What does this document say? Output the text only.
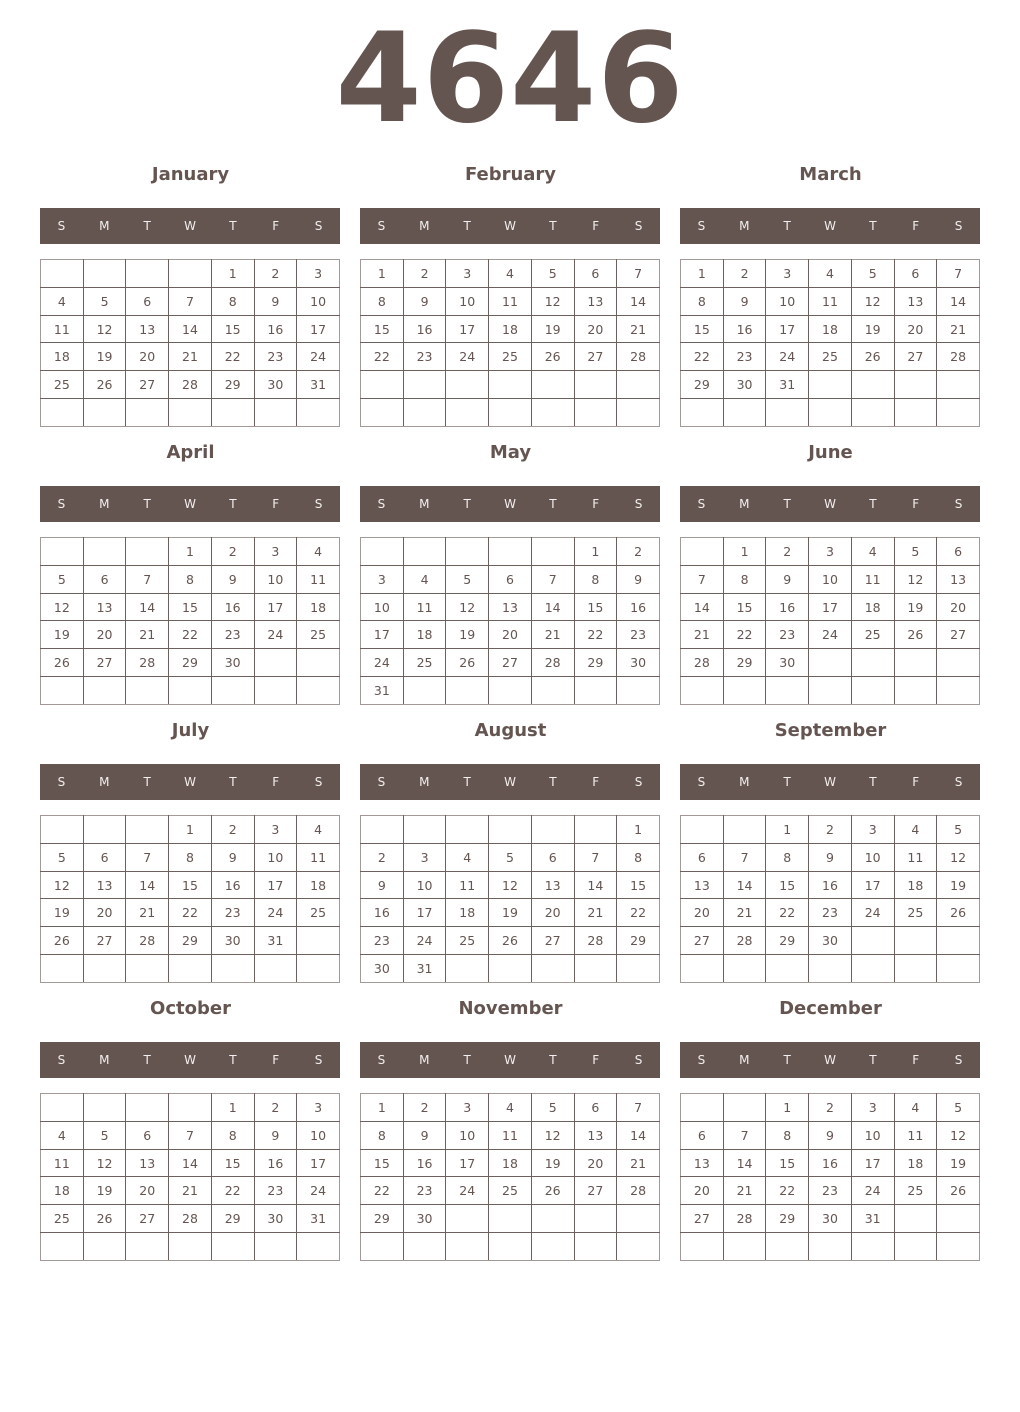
4646
January
S	M	T	W	T	F	S
				1	2	3
4	5	6	7	8	9	10
11	12	13	14	15	16	17
18	19	20	21	22	23	24
25	26	27	28	29	30	31

February
S	M	T	W	T	F	S
1	2	3	4	5	6	7
8	9	10	11	12	13	14
15	16	17	18	19	20	21
22	23	24	25	26	27	28

March
S	M	T	W	T	F	S
1	2	3	4	5	6	7
8	9	10	11	12	13	14
15	16	17	18	19	20	21
22	23	24	25	26	27	28
29	30	31				

April
S	M	T	W	T	F	S
			1	2	3	4
5	6	7	8	9	10	11
12	13	14	15	16	17	18
19	20	21	22	23	24	25
26	27	28	29	30		

May
S	M	T	W	T	F	S
					1	2
3	4	5	6	7	8	9
10	11	12	13	14	15	16
17	18	19	20	21	22	23
24	25	26	27	28	29	30
31						
June
S	M	T	W	T	F	S
	1	2	3	4	5	6
7	8	9	10	11	12	13
14	15	16	17	18	19	20
21	22	23	24	25	26	27
28	29	30				

July
S	M	T	W	T	F	S
			1	2	3	4
5	6	7	8	9	10	11
12	13	14	15	16	17	18
19	20	21	22	23	24	25
26	27	28	29	30	31	

August
S	M	T	W	T	F	S
						1
2	3	4	5	6	7	8
9	10	11	12	13	14	15
16	17	18	19	20	21	22
23	24	25	26	27	28	29
30	31					
September
S	M	T	W	T	F	S
		1	2	3	4	5
6	7	8	9	10	11	12
13	14	15	16	17	18	19
20	21	22	23	24	25	26
27	28	29	30			

October
S	M	T	W	T	F	S
				1	2	3
4	5	6	7	8	9	10
11	12	13	14	15	16	17
18	19	20	21	22	23	24
25	26	27	28	29	30	31

November
S	M	T	W	T	F	S
1	2	3	4	5	6	7
8	9	10	11	12	13	14
15	16	17	18	19	20	21
22	23	24	25	26	27	28
29	30					

December
S	M	T	W	T	F	S
		1	2	3	4	5
6	7	8	9	10	11	12
13	14	15	16	17	18	19
20	21	22	23	24	25	26
27	28	29	30	31		
